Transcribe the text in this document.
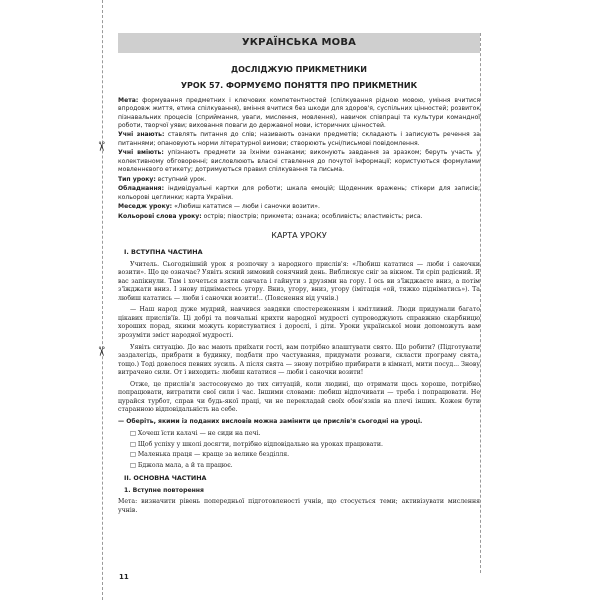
✂
✂
УКРАЇНСЬКА МОВА
ДОСЛІДЖУЮ ПРИКМЕТНИКИ
УРОК 57. ФОРМУЄМО ПОНЯТТЯ ПРО ПРИКМЕТНИК

Мета: формування предметних і ключових компетентностей (спілкування рідною мовою, уміння вчитися впродовж життя, етика спілкування), вміння вчитися без шкоди для здоров'я, суспільних цінностей; розвиток пізнавальних процесів (сприймання, уваги, мислення, мовлення), навичок співпраці та культури командної роботи, творчої уяви; виховання поваги до державної мови, історичних цінностей.

Учні знають: ставлять питання до слів; називають ознаки предметів; складають і записують речення за питаннями; опановують норми літературної вимови; створюють усні/письмові повідомлення.

Учні вміють: упізнають предмети за їхніми ознаками; виконують завдання за зразком; беруть участь у колективному обговоренні; висловлюють власні ставлення до почутої інформації; користуються формулами мовленнєвого етикету; дотримуються правил спілкування та письма.

Тип уроку: вступний урок.

Обладнання: індивідуальні картки для роботи; шкала емоцій; Щоденник вражень; стікери для записів; кольорові цеглинки; карта України.

Меседж уроку: «Любиш кататися — люби і саночки возити».

Кольорові слова уроку: острів; півострів; прикмета; ознака; особливість; властивість; риса.

КАРТА УРОКУ
I. ВСТУПНА ЧАСТИНА

Учитель. Сьогоднішній урок я розпочну з народного прислів'я: «Любиш кататися — люби і саночки возити». Що це означає? Уявіть ясний зимовий сонячний день. Виблискує сніг за вікном. Ти сріп радісний. Я вас запікнули. Там і хочеться взяти санчата і гайнути з друзями на гору. І ось ви з'їжджаєте вниз, а потім з'їжджати вниз. І знову піднімаєтесь угору. Вниз, угору, вниз, угору (імітація «ой, тяжко підніматись»). Та любиш кататись — люби і саночки возити!.. (Пояснення від учнів.)

— Наш народ дуже мудрий, навчився завдяки спостереженням і кмітливий. Люди придумали багато цікавих прислів'їв. Ці добрі та повчальні крихти народної мудрості супроводжують справжню скарбницю хороших порад, якими можуть користуватися і дорослі, і діти. Уроки української мови допоможуть вам зрозуміти зміст народної мудрості.

Уявіть ситуацію. До вас мають приїхати гості, вам потрібно влаштувати свято. Що робити? (Підготувати заздалегідь, прибрати в будинку, подбати про частування, придумати розваги, скласти програму свята, тощо.) Тоді довелося певних зусиль. А після свята — знову потрібно прибирати в кімнаті, мити посуд... Знову витрачено сили. От і виходить: любиш кататися — люби і саночки возити!

Отже, це прислів'я застосовуємо до тих ситуацій, коли людині, що отримати щось хороше, потрібно попрацювати, витратити свої сили і час. Іншими словами: любиш відпочивати — треба і попрацювати. Не цурайся турбот, справ чи будь-якої праці, чи не перекладай своїх обов'язків на плечі інших. Кожен бути старанною відповідальність на себе.

— Оберіть, якими із поданих висловів можна замінити це прислів'я сьогодні на уроці.

□ Хочеш їсти калачі — не сиди на печі.
□ Щоб успіху у школі досягти, потрібно відповідально на уроках працювати.
□ Маленька праця — краще за велике безділля.
□ Бджола мала, а й та працює.
II. ОСНОВНА ЧАСТИНА
1. Вступне повторення

Мета: визначити рівень попередньої підготовленості учнів, що стосується теми; активізувати мислення учнів.

11
